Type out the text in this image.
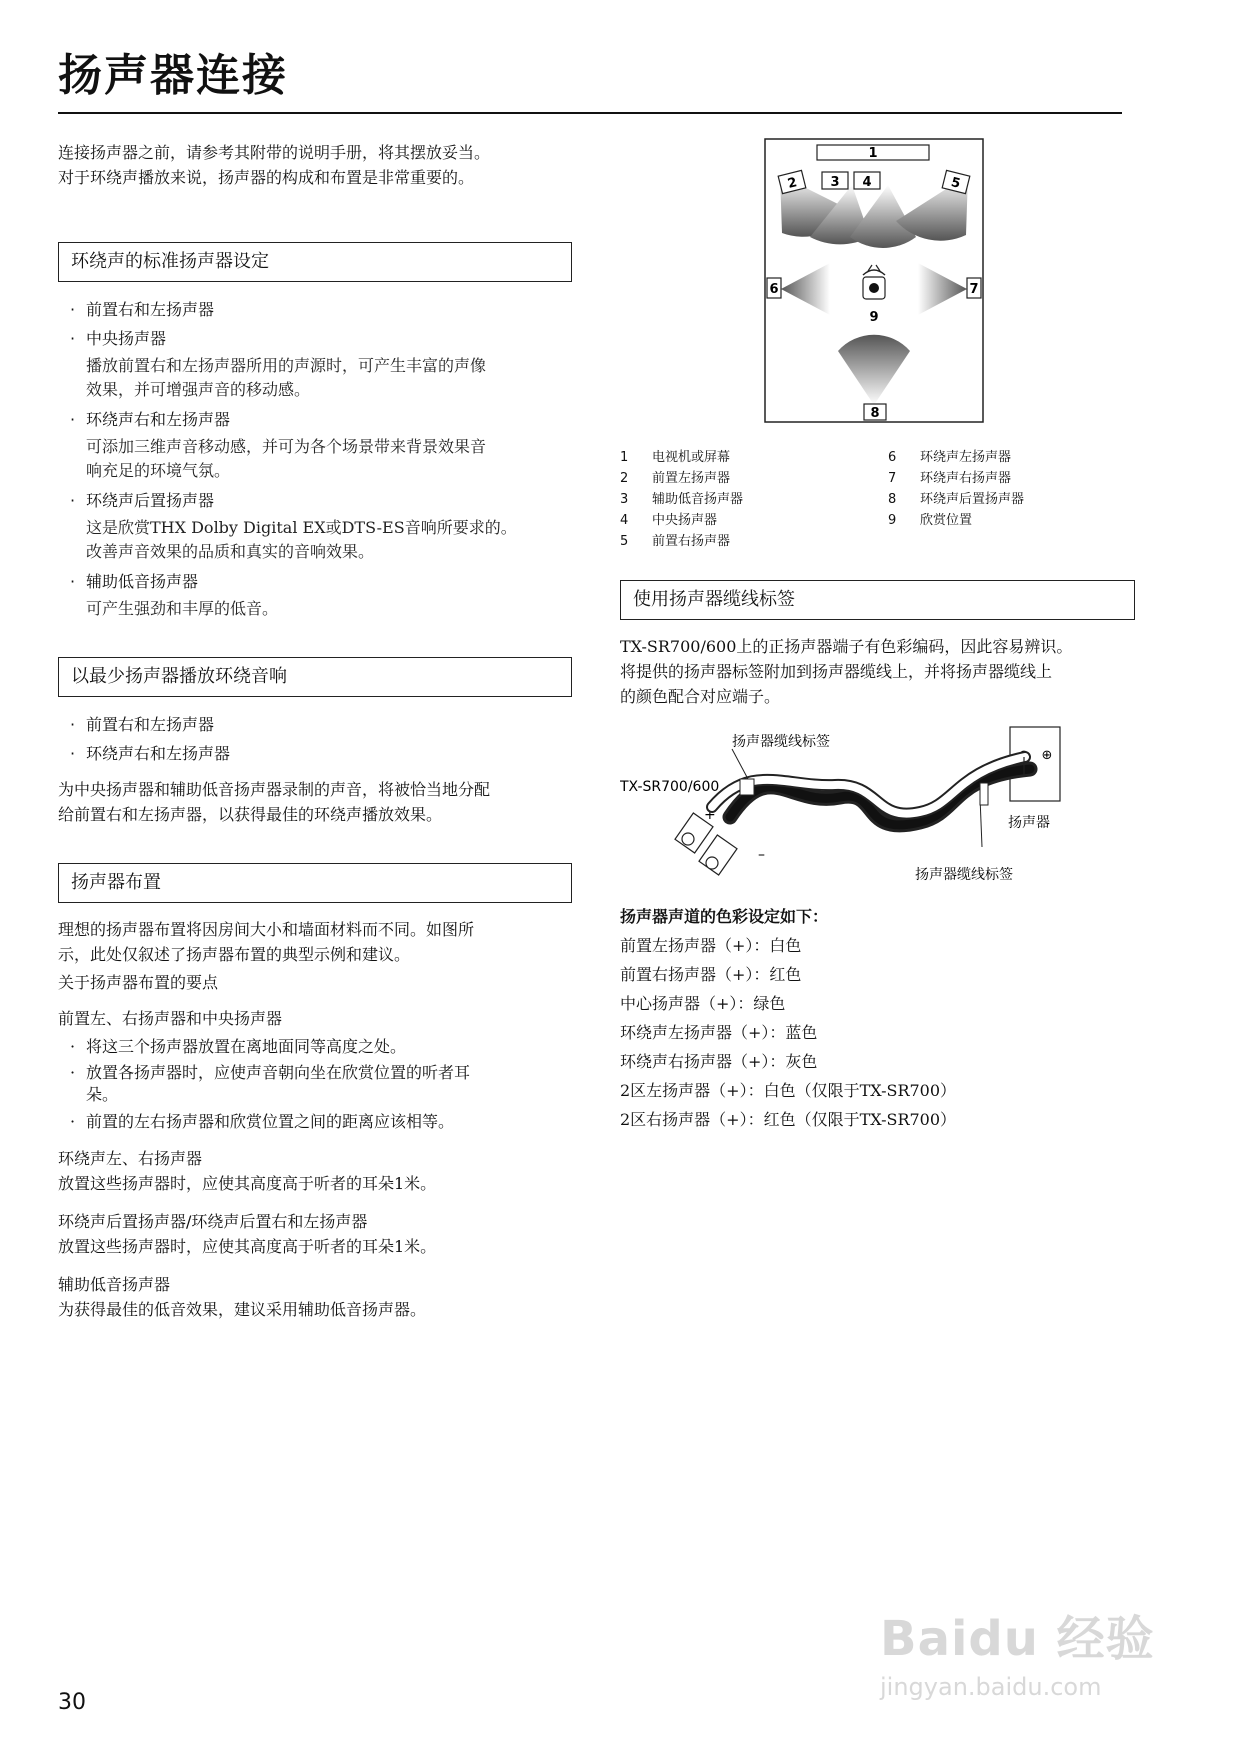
扬声器连接

连接扬声器之前，请参考其附带的说明手册，将其摆放妥当。

对于环绕声播放来说，扬声器的构成和布置是非常重要的。

环绕声的标准扬声器设定
· 前置右和左扬声器
· 中央扬声器

播放前置右和左扬声器所用的声源时，可产生丰富的声像

效果，并可增强声音的移动感。

· 环绕声右和左扬声器

可添加三维声音移动感，并可为各个场景带来背景效果音

响充足的环境气氛。

· 环绕声后置扬声器

这是欣赏THX Dolby Digital EX或DTS-ES音响所要求的。

改善声音效果的品质和真实的音响效果。

· 辅助低音扬声器

可产生强劲和丰厚的低音。

以最少扬声器播放环绕音响
· 前置右和左扬声器
· 环绕声右和左扬声器

为中央扬声器和辅助低音扬声器录制的声音，将被恰当地分配

给前置右和左扬声器，以获得最佳的环绕声播放效果。

扬声器布置

理想的扬声器布置将因房间大小和墙面材料而不同。如图所

示，此处仅叙述了扬声器布置的典型示例和建议。

关于扬声器布置的要点

前置左、右扬声器和中央扬声器

· 将这三个扬声器放置在离地面同等高度之处。
· 放置各扬声器时，应使声音朝向坐在欣赏位置的听者耳
朵。
· 前置的左右扬声器和欣赏位置之间的距离应该相等。

环绕声左、右扬声器

放置这些扬声器时，应使其高度高于听者的耳朵1米。

环绕声后置扬声器/环绕声后置右和左扬声器

放置这些扬声器时，应使其高度高于听者的耳朵1米。

辅助低音扬声器

为获得最佳的低音效果，建议采用辅助低音扬声器。

1
2 3 4	5
6	7
8
9
1	电视机或屏幕
2	前置左扬声器
3	辅助低音扬声器
4	中央扬声器
5	前置右扬声器
6	环绕声左扬声器
7	环绕声右扬声器
8	环绕声后置扬声器
9	欣赏位置
使用扬声器缆线标签

TX-SR700/600上的正扬声器端子有色彩编码，因此容易辨识。

将提供的扬声器标签附加到扬声器缆线上，并将扬声器缆线上

的颜色配合对应端子。

扬声器缆线标签
TX-SR700/600
扬声器
扬声器缆线标签
+
–
⊖ ⊕

扬声器声道的色彩设定如下：

前置左扬声器（+）：白色
前置右扬声器（+）：红色
中心扬声器（+）：绿色
环绕声左扬声器（+）：蓝色
环绕声右扬声器（+）：灰色
2区左扬声器（+）：白色（仅限于TX-SR700）
2区右扬声器（+）：红色（仅限于TX-SR700）
30
Baidu 经验
jingyan.baidu.com
